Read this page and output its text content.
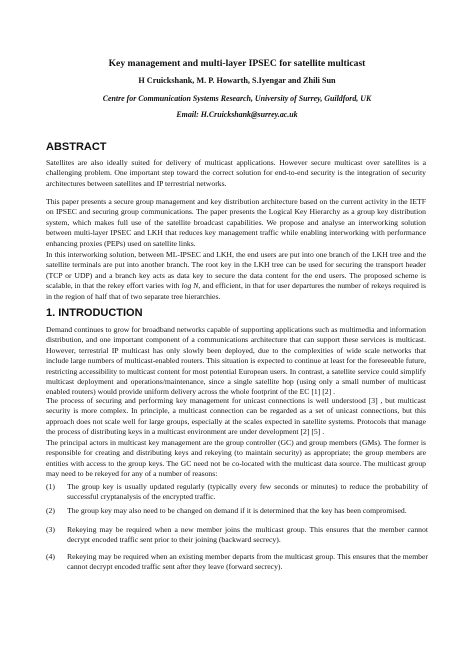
Key management and multi-layer IPSEC for satellite multicast
H Cruickshank, M. P. Howarth, S.Iyengar and Zhili Sun
Centre for Communication Systems Research, University of Surrey, Guildford, UK
Email: H.Cruickshank@surrey.ac.uk
ABSTRACT

Satellites are also ideally suited for delivery of multicast applications. However secure multicast over satellites is a challenging problem. One important step toward the correct solution for end-to-end security is the integration of security architectures between satellites and IP terrestrial networks.

This paper presents a secure group management and key distribution architecture based on the current activity in the IETF on IPSEC and securing group communications. The paper presents the Logical Key Hierarchy as a group key distribution system, which makes full use of the satellite broadcast capabilities. We propose and analyse an interworking solution between multi-layer IPSEC and LKH that reduces key management traffic while enabling interworking with performance enhancing proxies (PEPs) used on satellite links.

In this interworking solution, between ML-IPSEC and LKH, the end users are put into one branch of the LKH tree and the satellite terminals are put into another branch. The root key in the LKH tree can be used for securing the transport header (TCP or UDP) and a branch key acts as data key to secure the data content for the end users. The proposed scheme is scalable, in that the rekey effort varies with log N, and efficient, in that for user departures the number of rekeys required is in the region of half that of two separate tree hierarchies.

1. INTRODUCTION

Demand continues to grow for broadband networks capable of supporting applications such as multimedia and information distribution, and one important component of a communications architecture that can support these services is multicast. However, terrestrial IP multicast has only slowly been deployed, due to the complexities of wide scale networks that include large numbers of multicast-enabled routers. This situation is expected to continue at least for the foreseeable future, restricting accessibility to multicast content for most potential European users. In contrast, a satellite service could simplify multicast deployment and operations/maintenance, since a single satellite hop (using only a small number of multicast enabled routers) would provide uniform delivery across the whole footprint of the EC [1] [2] .

The process of securing and performing key management for unicast connections is well understood [3] , but multicast security is more complex. In principle, a multicast connection can be regarded as a set of unicast connections, but this approach does not scale well for large groups, especially at the scales expected in satellite systems. Protocols that manage the process of distributing keys in a multicast environment are under development [2] [5] .

The principal actors in multicast key management are the group controller (GC) and group members (GMs). The former is responsible for creating and distributing keys and rekeying (to maintain security) as appropriate; the group members are entities with access to the group keys. The GC need not be co-located with the multicast data source. The multicast group may need to be rekeyed for any of a number of reasons:

(1) The group key is usually updated regularly (typically every few seconds or minutes) to reduce the probability of successful cryptanalysis of the encrypted traffic.
(2) The group key may also need to be changed on demand if it is determined that the key has been compromised.
(3) Rekeying may be required when a new member joins the multicast group. This ensures that the member cannot decrypt encoded traffic sent prior to their joining (backward secrecy).
(4) Rekeying may be required when an existing member departs from the multicast group. This ensures that the member cannot decrypt encoded traffic sent after they leave (forward secrecy).
